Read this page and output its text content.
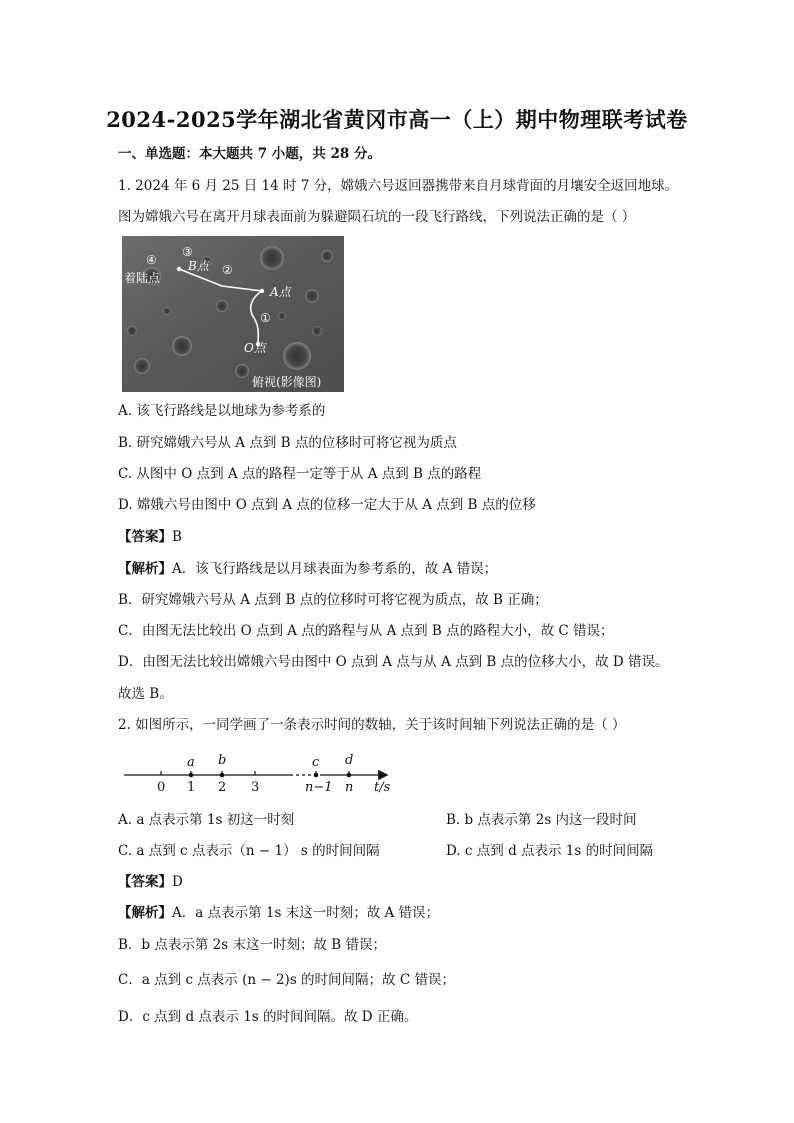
2024-2025学年湖北省黄冈市高一（上）期中物理联考试卷
一、单选题：本大题共 7 小题，共 28 分。
1. 2024 年 6 月 25 日 14 时 7 分，嫦娥六号返回器携带来自月球背面的月壤安全返回地球。
图为嫦娥六号在离开月球表面前为躲避陨石坑的一段飞行路线，下列说法正确的是（ ）
④
着陆点
③
B点 ②
A点
①
O点
俯视(影像图)
A. 该飞行路线是以地球为参考系的
B. 研究嫦娥六号从 A 点到 B 点的位移时可将它视为质点
C. 从图中 O 点到 A 点的路程一定等于从 A 点到 B 点的路程
D. 嫦娥六号由图中 O 点到 A 点的位移一定大于从 A 点到 B 点的位移
【答案】B
【解析】A．该飞行路线是以月球表面为参考系的，故 A 错误；
B．研究嫦娥六号从 A 点到 B 点的位移时可将它视为质点，故 B 正确；
C．由图无法比较出 O 点到 A 点的路程与从 A 点到 B 点的路程大小，故 C 错误；
D．由图无法比较出嫦娥六号由图中 O 点到 A 点与从 A 点到 B 点的位移大小，故 D 错误。
故选 B。
2. 如图所示，一同学画了一条表示时间的数轴，关于该时间轴下列说法正确的是（ ）
a b	c d
0 1 2 3	n−1 n t/s
A. a 点表示第 1s 初这一时刻	B. b 点表示第 2s 内这一段时间
C. a 点到 c 点表示（n − 1） s 的时间间隔	D. c 点到 d 点表示 1s 的时间间隔
【答案】D
【解析】A．a 点表示第 1s 末这一时刻；故 A 错误；
B．b 点表示第 2s 末这一时刻；故 B 错误；
C．a 点到 c 点表示 (n − 2)s 的时间间隔；故 C 错误；
D．c 点到 d 点表示 1s 的时间间隔。故 D 正确。
